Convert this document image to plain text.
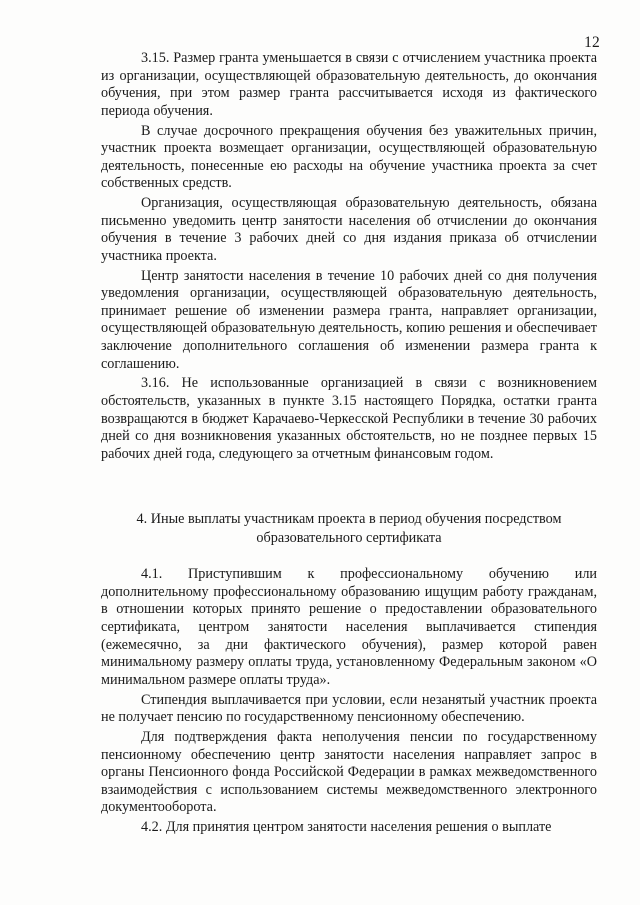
12

3.15. Размер гранта уменьшается в связи с отчислением участника проекта из организации, осуществляющей образовательную деятельность, до окончания обучения, при этом размер гранта рассчитывается исходя из фактического периода обучения.

В случае досрочного прекращения обучения без уважительных причин, участник проекта возмещает организации, осуществляющей образовательную деятельность, понесенные ею расходы на обучение участника проекта за счет собственных средств.

Организация, осуществляющая образовательную деятельность, обязана письменно уведомить центр занятости населения об отчислении до окончания обучения в течение 3 рабочих дней со дня издания приказа об отчислении участника проекта.

Центр занятости населения в течение 10 рабочих дней со дня получения уведомления организации, осуществляющей образовательную деятельность, принимает решение об изменении размера гранта, направляет организации, осуществляющей образовательную деятельность, копию решения и обеспечивает заключение дополнительного соглашения об изменении размера гранта к соглашению.

3.16. Не использованные организацией в связи с возникновением обстоятельств, указанных в пункте 3.15 настоящего Порядка, остатки гранта возвращаются в бюджет Карачаево-Черкесской Республики в течение 30 рабочих дней со дня возникновения указанных обстоятельств, но не позднее первых 15 рабочих дней года, следующего за отчетным финансовым годом.

4. Иные выплаты участникам проекта в период обучения посредством
образовательного сертификата

4.1. Приступившим к профессиональному обучению или дополнительному профессиональному образованию ищущим работу гражданам, в отношении которых принято решение о предоставлении образовательного сертификата, центром занятости населения выплачивается стипендия (ежемесячно, за дни фактического обучения), размер которой равен минимальному размеру оплаты труда, установленному Федеральным законом «О минимальном размере оплаты труда».

Стипендия выплачивается при условии, если незанятый участник проекта не получает пенсию по государственному пенсионному обеспечению.

Для подтверждения факта неполучения пенсии по государственному пенсионному обеспечению центр занятости населения направляет запрос в органы Пенсионного фонда Российской Федерации в рамках межведомственного взаимодействия с использованием системы межведомственного электронного документооборота.

4.2. Для принятия центром занятости населения решения о выплате
